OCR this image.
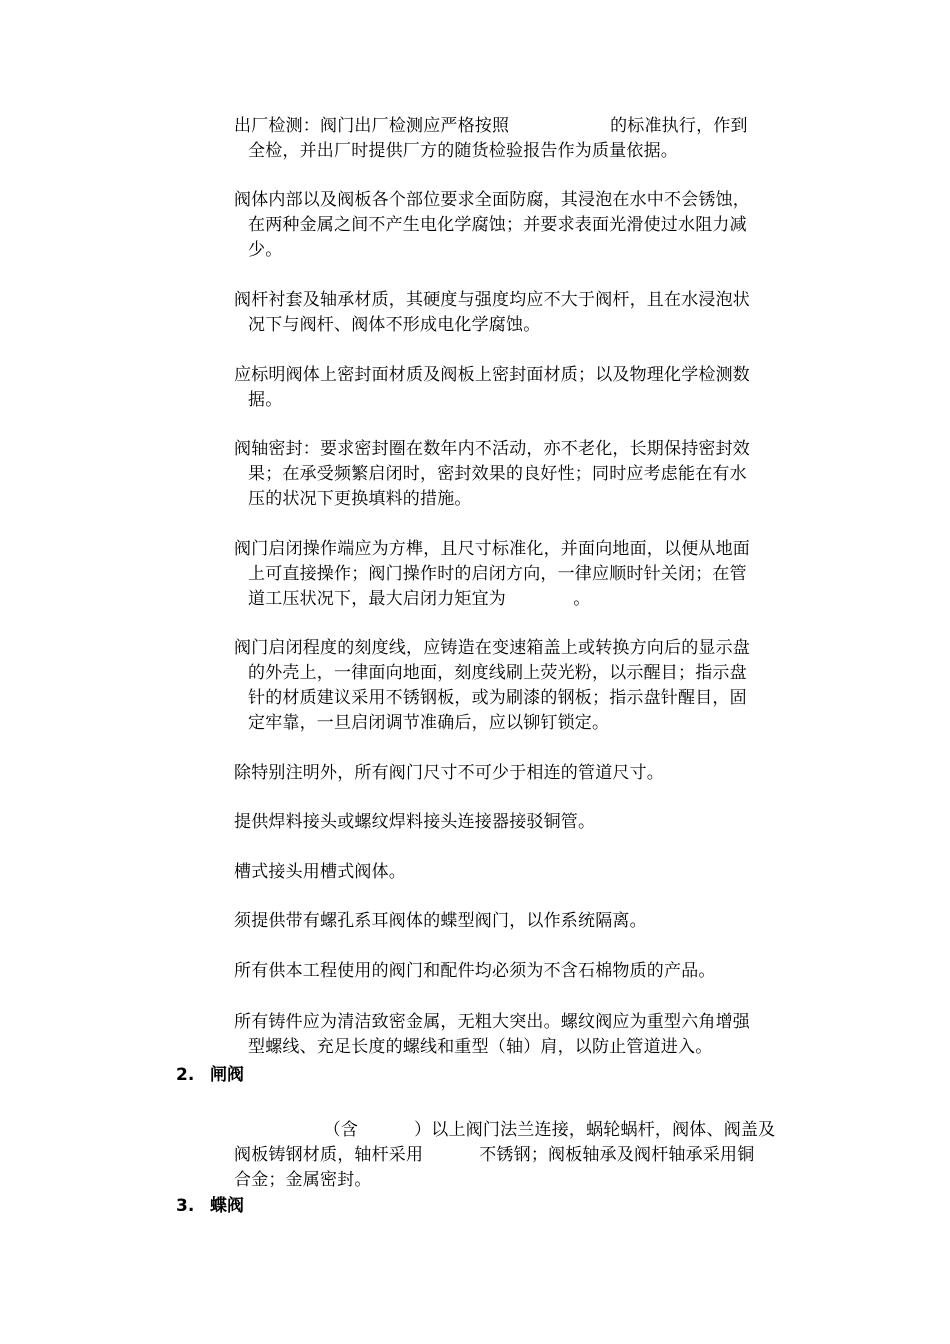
出厂检测：阀门出厂检测应严格按照                  的标准执行，作到
全检，并出厂时提供厂方的随货检验报告作为质量依据。
阀体内部以及阀板各个部位要求全面防腐，其浸泡在水中不会锈蚀，
在两种金属之间不产生电化学腐蚀；并要求表面光滑使过水阻力减
少。
阀杆衬套及轴承材质，其硬度与强度均应不大于阀杆，且在水浸泡状
况下与阀杆、阀体不形成电化学腐蚀。
应标明阀体上密封面材质及阀板上密封面材质；以及物理化学检测数
据。
阀轴密封：要求密封圈在数年内不活动，亦不老化，长期保持密封效
果；在承受频繁启闭时，密封效果的良好性；同时应考虑能在有水
压的状况下更换填料的措施。
阀门启闭操作端应为方榫，且尺寸标准化，并面向地面，以便从地面
上可直接操作；阀门操作时的启闭方向，一律应顺时针关闭；在管
道工压状况下，最大启闭力矩宜为            。
阀门启闭程度的刻度线，应铸造在变速箱盖上或转换方向后的显示盘
的外壳上，一律面向地面，刻度线刷上荧光粉，以示醒目；指示盘
针的材质建议采用不锈钢板，或为刷漆的钢板；指示盘针醒目，固
定牢靠，一旦启闭调节准确后，应以铆钉锁定。
除特别注明外，所有阀门尺寸不可少于相连的管道尺寸。
提供焊料接头或螺纹焊料接头连接器接驳铜管。
槽式接头用槽式阀体。
须提供带有螺孔系耳阀体的蝶型阀门，以作系统隔离。
所有供本工程使用的阀门和配件均必须为不含石棉物质的产品。
所有铸件应为清洁致密金属，无粗大突出。螺纹阀应为重型六角增强
型螺线、充足长度的螺线和重型（轴）肩，以防止管道进入。
2. 闸阀
（含          ）以上阀门法兰连接，蜗轮蜗杆，阀体、阀盖及
阀板铸钢材质，轴杆采用          不锈钢；阀板轴承及阀杆轴承采用铜
合金；金属密封。
3. 蝶阀
